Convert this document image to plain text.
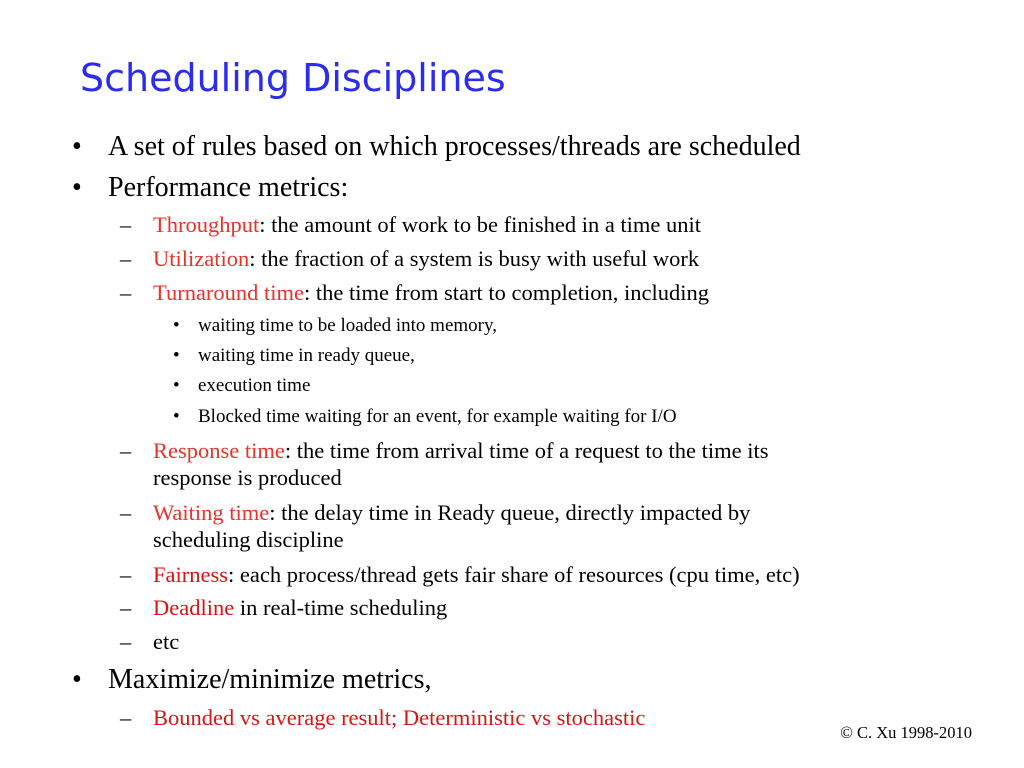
Scheduling Disciplines
• A set of rules based on which processes/threads are scheduled
• Performance metrics:
– Throughput: the amount of work to be finished in a time unit
– Utilization: the fraction of a system is busy with useful work
– Turnaround time: the time from start to completion, including
• waiting time to be loaded into memory,
• waiting time in ready queue,
• execution time
• Blocked time waiting for an event, for example waiting for I/O
– Response time: the time from arrival time of a request to the time its
response is produced
– Waiting time: the delay time in Ready queue, directly impacted by
scheduling discipline
– Fairness: each process/thread gets fair share of resources (cpu time, etc)
– Deadline in real-time scheduling
– etc
• Maximize/minimize metrics,
– Bounded vs average result; Deterministic vs stochastic
© C. Xu 1998-2010
